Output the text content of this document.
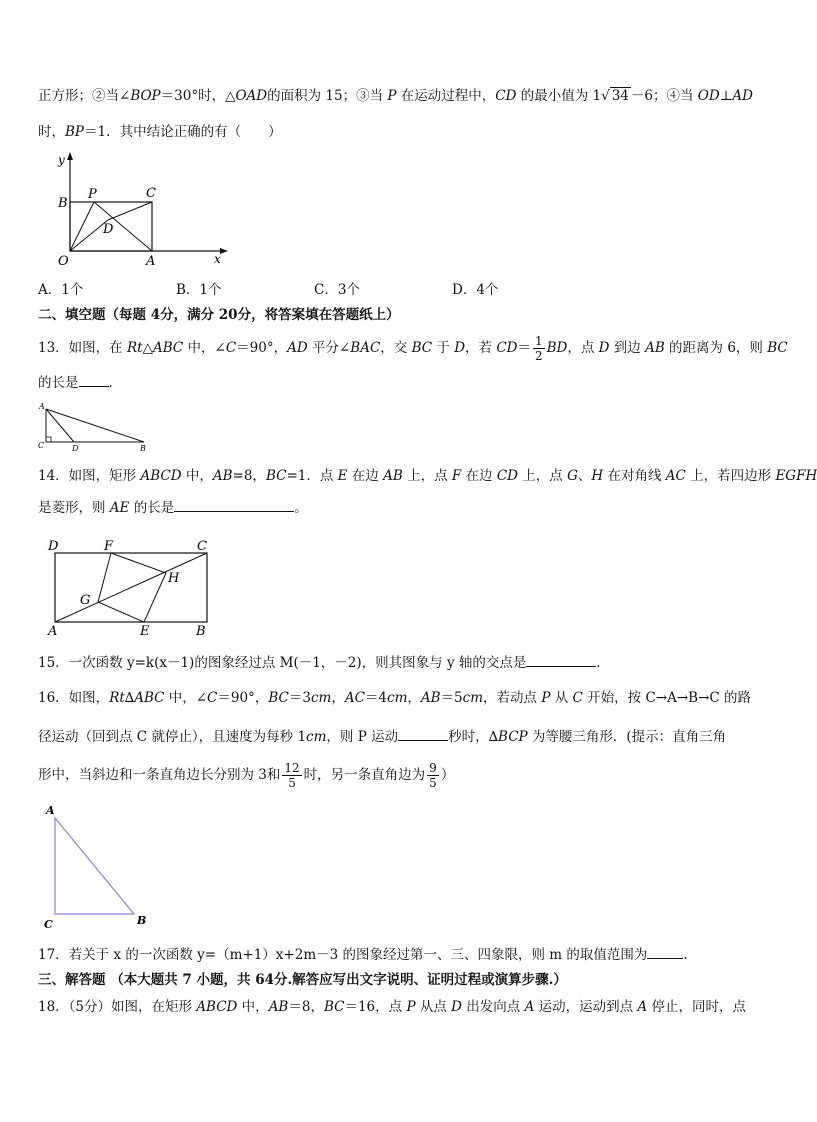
正方形；②当∠BOP＝30°时，△OAD的面积为 15；③当 P 在运动过程中，CD 的最小值为 1√ 34 －6；④当 OD⊥AD
时，BP＝1．其中结论正确的有（　　）
y
x
O	A
B
C
P
D
A．1个	B．1个	C．3个	D．4个
二、填空题（每题 4分，满分 20分，将答案填在答题纸上）
13．如图，在 Rt△ABC 中，∠C＝90°，AD 平分∠BAC，交 BC 于 D，若 $CD= \frac{1}{2}$ BD，点 D 到边 AB 的距离为 6，则 BC
的长是 ．
A
C	D	B
14．如图，矩形 ABCD 中，AB=8，BC=1．点 E 在边 AB 上，点 F 在边 CD 上，点 G、H 在对角线 AC 上，若四边形 EGFH
是菱形，则 AE 的长是	。
D	F	C
H
G
A	E	B
15．一次函数 y=k(x－1)的图象经过点 M(－1，－2)，则其图象与 y 轴的交点是	．
16．如图，Rt∆ABC 中，∠C＝90°，BC＝3cm，AC＝4cm，AB＝5cm，若动点 P 从 C 开始，按 C→A→B→C 的路
径运动（回到点 C 就停止），且速度为每秒 1cm，则 P 运动	秒时，∆BCP 为等腰三角形．(提示：直角三角
形中，当斜边和一条直角边长分别为 3和 $\frac{12}{5}$ 时，另一条直角边为 $\frac{9}{5}$ ）
A
C	B
17．若关于 x 的一次函数 y=（m+1）x+2m－3 的图象经过第一、三、四象限，则 m 的取值范围为	．
三、解答题 （本大题共 7 小题，共 64分.解答应写出文字说明、证明过程或演算步骤.）
18．（5分）如图，在矩形 ABCD 中，AB＝8，BC＝16，点 P 从点 D 出发向点 A 运动，运动到点 A 停止，同时，点
